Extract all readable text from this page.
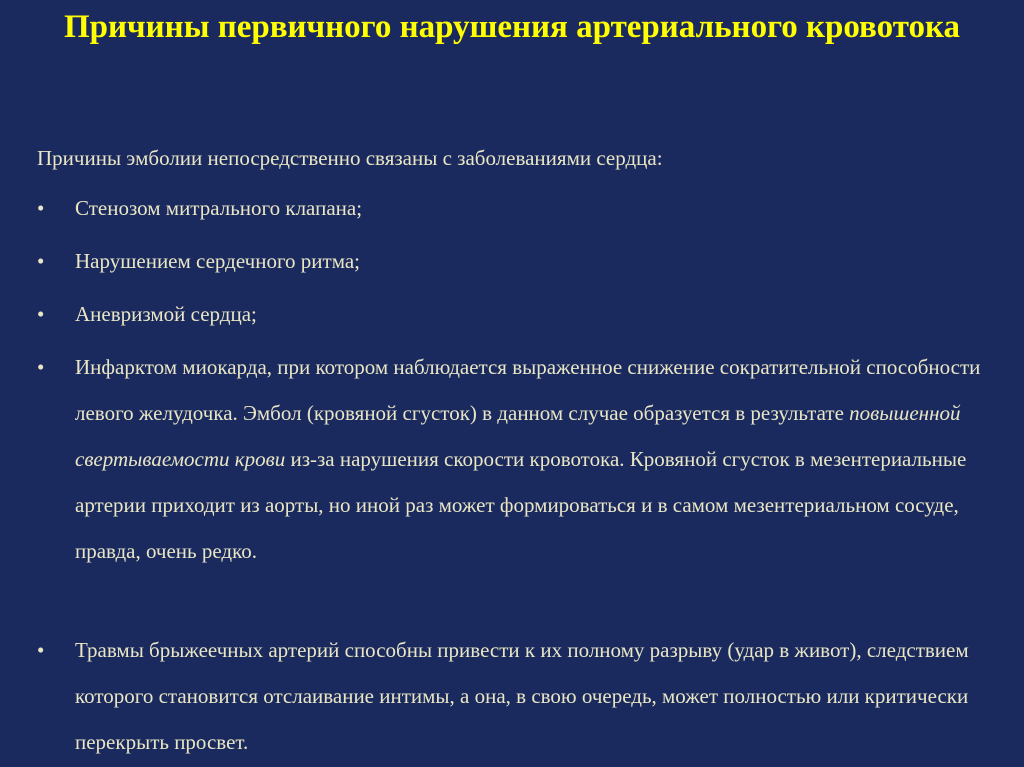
Причины первичного нарушения артериального кровотока
Причины эмболии непосредственно связаны с заболеваниями сердца:
•	Стенозом митрального клапана;
•	Нарушением сердечного ритма;
•	Аневризмой сердца;
•	Инфарктом миокарда, при котором наблюдается выраженное снижение сократительной способности левого желудочка. Эмбол (кровяной сгусток) в данном случае образуется в результате повышенной свертываемости крови из-за нарушения скорости кровотока. Кровяной сгусток в мезентериальные артерии приходит из аорты, но иной раз может формироваться и в самом мезентериальном сосуде, правда, очень редко.
•	Травмы брыжеечных артерий способны привести к их полному разрыву (удар в живот), следствием которого становится отслаивание интимы, а она, в свою очередь, может полностью или критически перекрыть просвет.
